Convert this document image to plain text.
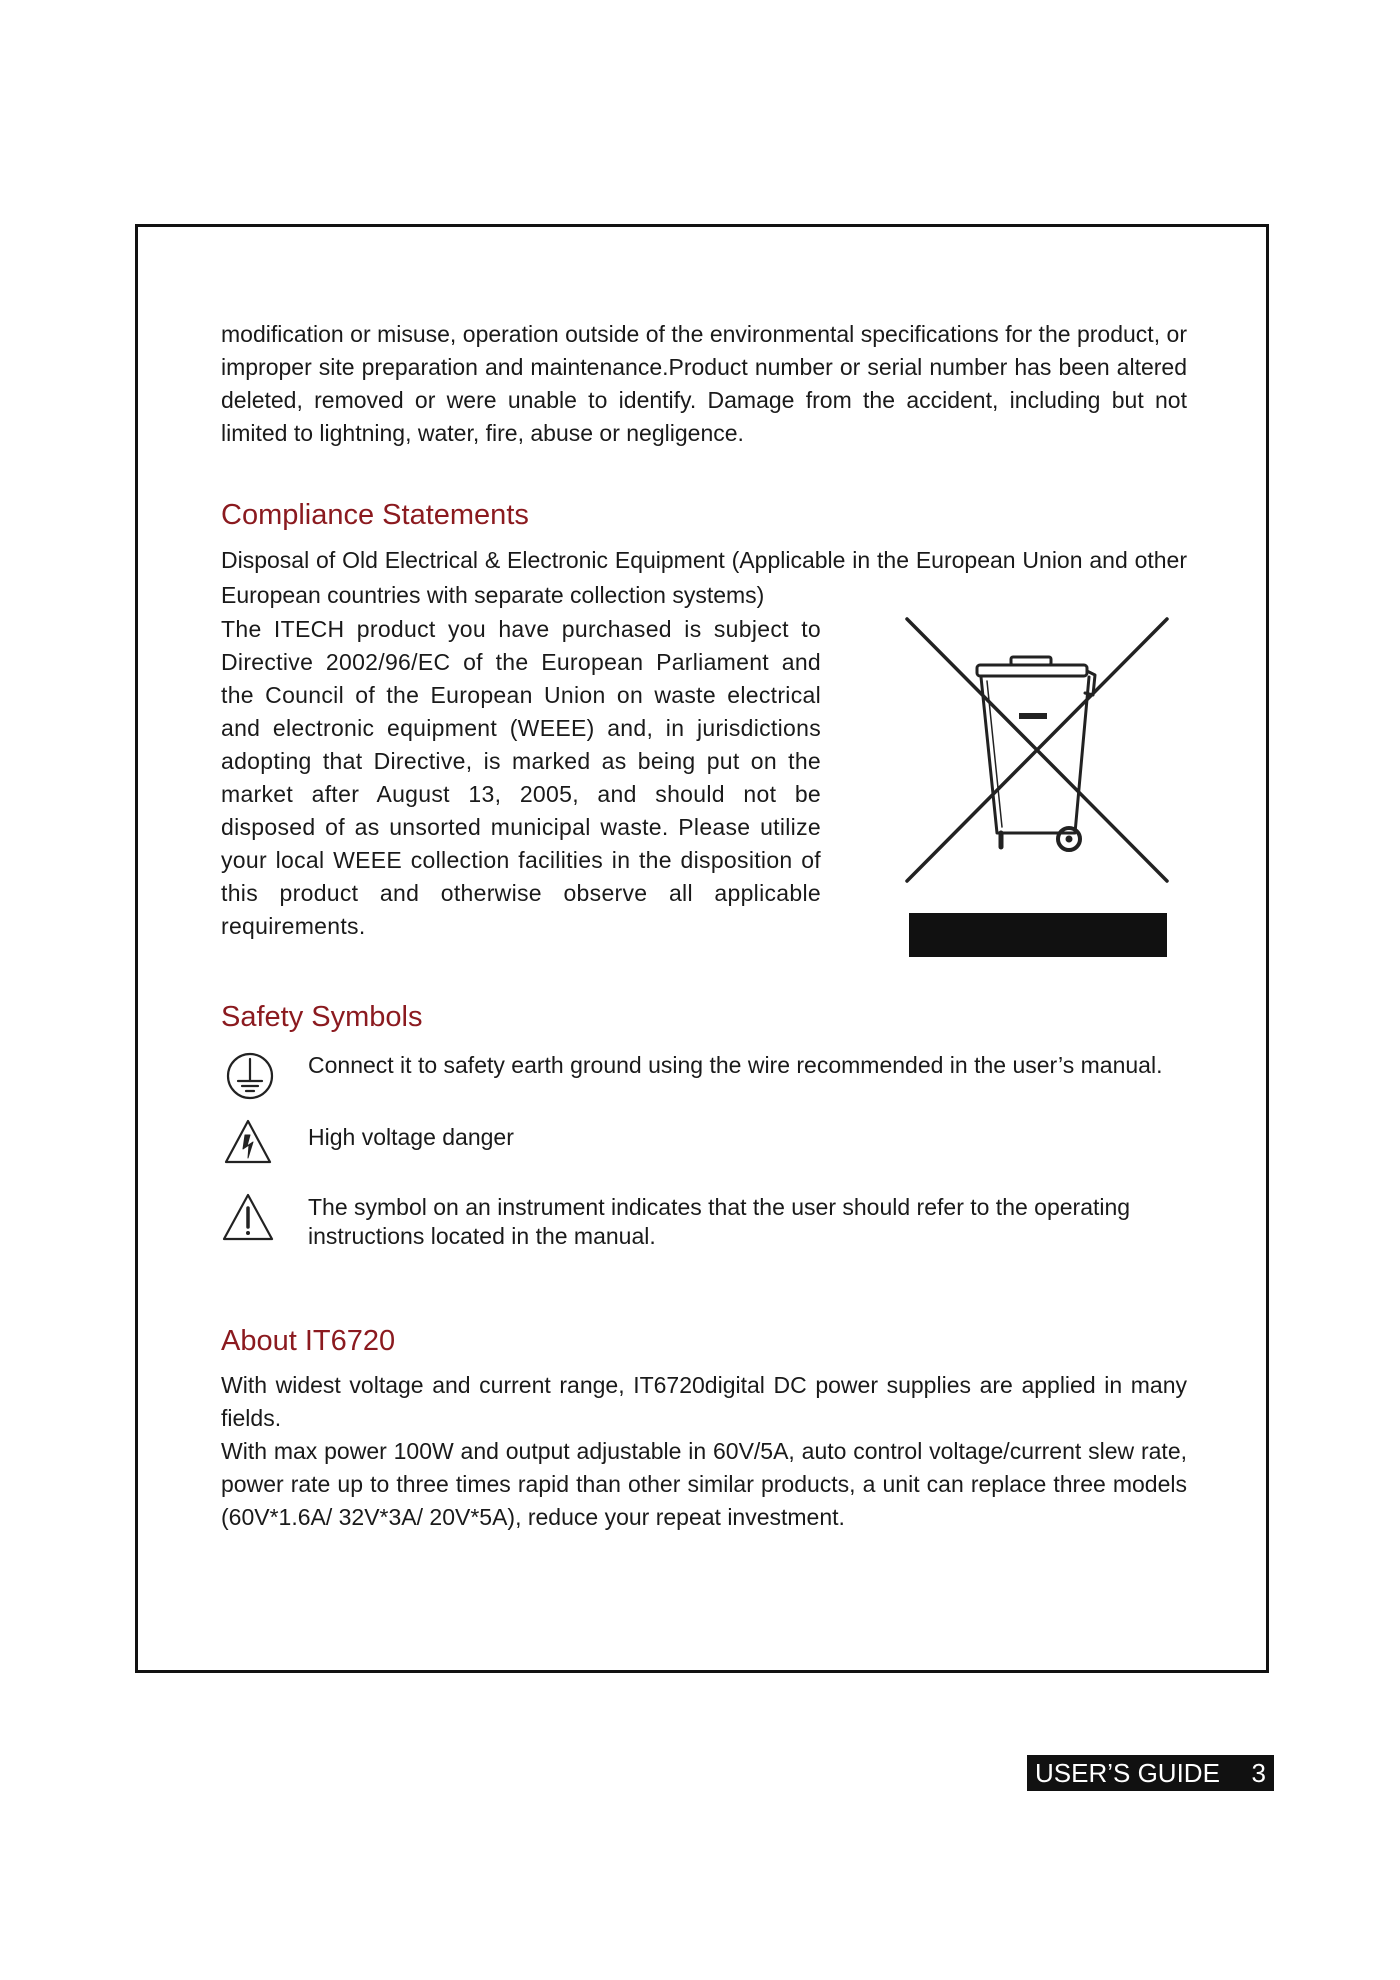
modification or misuse, operation outside of the environmental specifications for the product, or improper site preparation and maintenance.Product number or serial number has been altered deleted, removed or were unable to identify. Damage from the accident, including but not limited to lightning, water, fire, abuse or negligence.

Compliance Statements

Disposal of Old Electrical & Electronic Equipment (Applicable in the European Union and other European countries with separate collection systems)

The ITECH product you have purchased is subject to Directive 2002/96/EC of the European Parliament and the Council of the European Union on waste electrical and electronic equipment (WEEE) and, in jurisdictions adopting that Directive, is marked as being put on the market after August 13, 2005, and should not be disposed of as unsorted municipal waste. Please utilize your local WEEE collection facilities in the disposition of this product and otherwise observe all applicable requirements.

Safety Symbols

Connect it to safety earth ground using the wire recommended in the user’s manual.

High voltage danger

The symbol on an instrument indicates that the user should refer to the operating instructions located in the manual.

About IT6720

With widest voltage and current range, IT6720digital DC power supplies are applied in many fields.

With max power 100W and output adjustable in 60V/5A, auto control voltage/current slew rate, power rate up to three times rapid than other similar products, a unit can replace three models (60V*1.6A/ 32V*3A/ 20V*5A), reduce your repeat investment.

USER’S GUIDE 3
